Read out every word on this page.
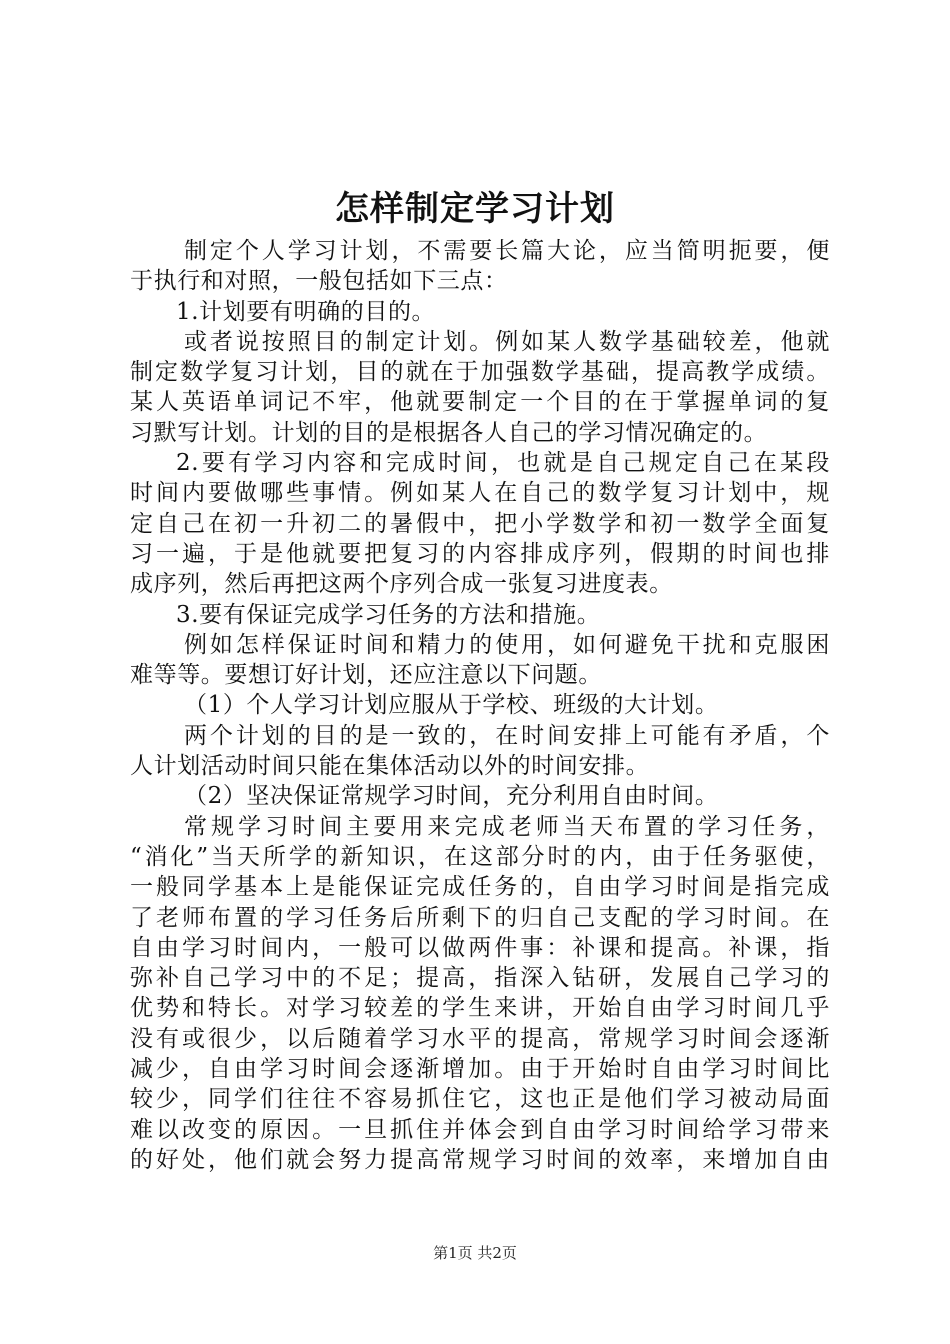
怎样制定学习计划
制定个人学习计划，不需要长篇大论，应当简明扼要，便
于执行和对照，一般包括如下三点：
1.计划要有明确的目的。
或者说按照目的制定计划。例如某人数学基础较差，他就
制定数学复习计划，目的就在于加强数学基础，提高教学成绩。
某人英语单词记不牢，他就要制定一个目的在于掌握单词的复
习默写计划。计划的目的是根据各人自己的学习情况确定的。
2.要有学习内容和完成时间，也就是自己规定自己在某段
时间内要做哪些事情。例如某人在自己的数学复习计划中，规
定自己在初一升初二的暑假中，把小学数学和初一数学全面复
习一遍，于是他就要把复习的内容排成序列，假期的时间也排
成序列，然后再把这两个序列合成一张复习进度表。
3.要有保证完成学习任务的方法和措施。
例如怎样保证时间和精力的使用，如何避免干扰和克服困
难等等。要想订好计划，还应注意以下问题。
（1）个人学习计划应服从于学校、班级的大计划。
两个计划的目的是一致的，在时间安排上可能有矛盾，个
人计划活动时间只能在集体活动以外的时间安排。
（2）坚决保证常规学习时间，充分利用自由时间。
常规学习时间主要用来完成老师当天布置的学习任务，
“消化”当天所学的新知识，在这部分时的内，由于任务驱使，
一般同学基本上是能保证完成任务的，自由学习时间是指完成
了老师布置的学习任务后所剩下的归自己支配的学习时间。在
自由学习时间内，一般可以做两件事：补课和提高。补课，指
弥补自己学习中的不足；提高，指深入钻研，发展自己学习的
优势和特长。对学习较差的学生来讲，开始自由学习时间几乎
没有或很少，以后随着学习水平的提高，常规学习时间会逐渐
减少，自由学习时间会逐渐增加。由于开始时自由学习时间比
较少，同学们往往不容易抓住它，这也正是他们学习被动局面
难以改变的原因。一旦抓住并体会到自由学习时间给学习带来
的好处，他们就会努力提高常规学习时间的效率，来增加自由
第1页 共2页
